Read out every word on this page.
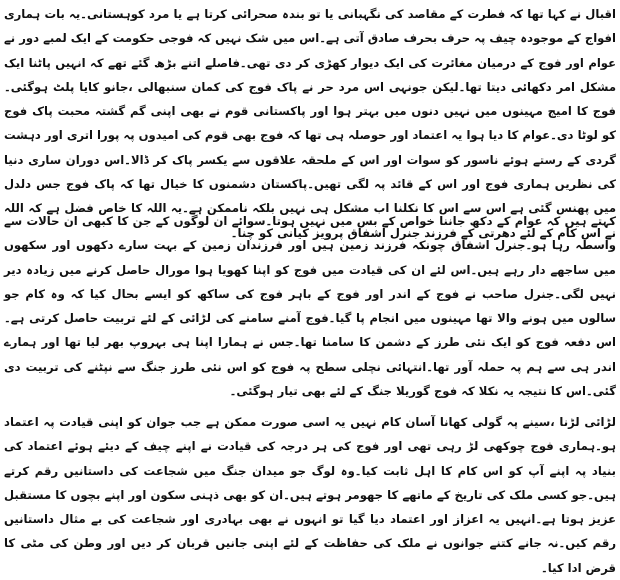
اقبال نے کہا تھا کہ فطرت کے مقاصد کی نگہبانی یا تو بندہ صحرائی کرتا ہے یا مرد کوہستانی۔یہ بات ہماری افواج کے موجودہ چیف پہ حرف بحرف صادق آتی ہے۔اس میں شک نہیں کہ فوجی حکومت کے ایک لمبے دور نے عوام اور فوج کے درمیان مغائرت کی ایک دیوار کھڑی کر دی تھی۔فاصلے اتنے بڑھ گئے تھے کہ انہیں پاٹنا ایک مشکل امر دکھائی دیتا تھا۔لیکن جونہی اس مرد حر نے پاک فوج کی کمان سنبھالی ،جانو کایا پلٹ ہوگئی۔فوج کا امیج مہینوں میں نہیں دنوں میں بہتر ہوا اور پاکستانی قوم نے بھی اپنی گم گشتہ محبت پاک فوج کو لوٹا دی۔عوام کا دیا ہوا یہ اعتماد اور حوصلہ ہی تھا کہ فوج بھی قوم کی امیدوں پہ پورا اتری اور دہشت گردی کے رستے ہوئے ناسور کو سوات اور اس کے ملحقہ علاقوں سے یکسر پاک کر ڈالا۔اس دوران ساری دنیا کی نظریں ہماری فوج اور اس کے قائد پہ لگی تھیں۔پاکستان دشمنوں کا خیال تھا کہ پاک فوج جس دلدل میں پھنس گئی ہے اس سے اس کا نکلنا اب مشکل ہی نہیں بلکہ ناممکن ہے۔یہ اللہ کا خاص فضل ہے کہ اللہ نے اس کام کے لئے دھرتی کے فرزند جنرل اشفاق پرویز کیانی کو چنا۔

کہتے ہیں کہ عوام کے دکھ جاننا خواص کے بس میں نہیں ہوتا۔سوائے ان لوگوں کے جن کا کبھی ان حالات سے واسطہ رہا ہو۔جنرل اشفاق چونکہ فرزند زمین ہیں اور فرزندان زمین کے بہت سارے دکھوں اور سکھوں میں ساجھے دار رہے ہیں۔اس لئے ان کی قیادت میں فوج کو اپنا کھویا ہوا مورال حاصل کرنے میں زیادہ دیر نہیں لگی۔جنرل صاحب نے فوج کے اندر اور فوج کے باہر فوج کی ساکھ کو ایسے بحال کیا کہ وہ کام جو سالوں میں ہونے والا تھا مہینوں میں انجام پا گیا۔فوج آمنے سامنے کی لڑائی کے لئے تربیت حاصل کرتی ہے۔اس دفعہ فوج کو ایک نئی طرز کے دشمن کا سامنا تھا۔جس نے ہمارا اپنا ہی بہروپ بھر لیا تھا اور ہمارے اندر ہی سے ہم پہ حملہ آور تھا۔انتہائی نچلی سطح پہ فوج کو اس نئی طرز جنگ سے نپٹنے کی تربیت دی گئی۔اس کا نتیجہ یہ نکلا کہ فوج گوریلا جنگ کے لئے بھی تیار ہوگئی۔

لڑائی لڑنا ،سینے پہ گولی کھانا آسان کام نہیں یہ اسی صورت ممکن ہے جب جوان کو اپنی قیادت پہ اعتماد ہو۔ہماری فوج چوکھی لڑ رہی تھی اور فوج کی ہر درجہ کی قیادت نے اپنے چیف کے دیئے ہوئے اعتماد کی بنیاد پہ اپنے آپ کو اس کام کا اہل ثابت کیا۔وہ لوگ جو میدان جنگ میں شجاعت کی داستانیں رقم کرتے ہیں۔جو کسی ملک کی تاریخ کے ماتھے کا جھومر ہوتے ہیں۔ان کو بھی ذہنی سکون اور اپنے بچوں کا مستقبل عزیز ہوتا ہے۔انہیں یہ اعزاز اور اعتماد دیا گیا تو انہوں نے بھی بہادری اور شجاعت کی بے مثال داستانیں رقم کیں۔نہ جانے کتنے جوانوں نے ملک کی حفاظت کے لئے اپنی جانیں قربان کر دیں اور وطن کی مٹی کا قرض ادا کیا۔
